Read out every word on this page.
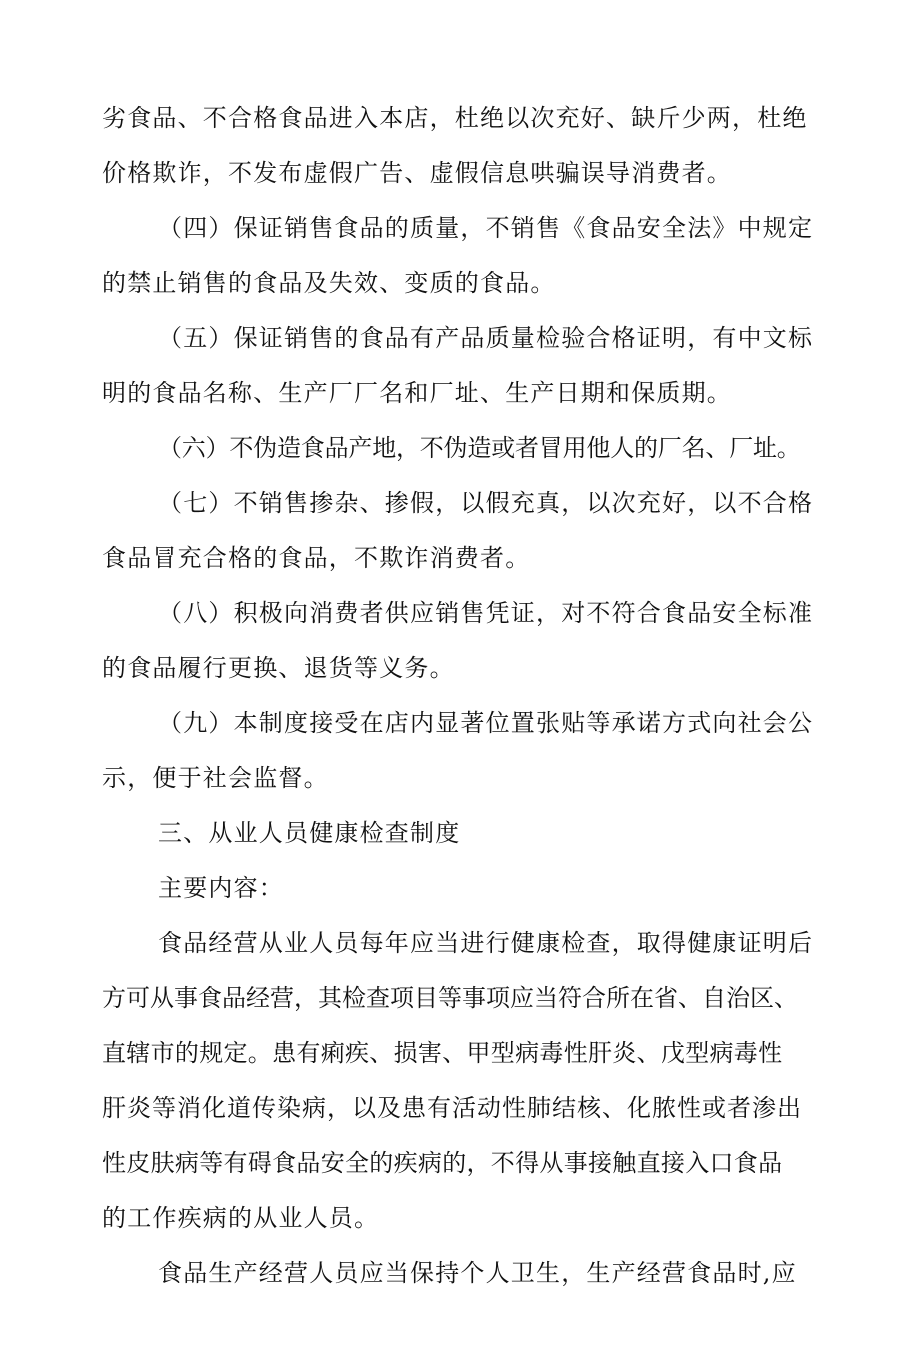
劣食品、不合格食品进入本店，杜绝以次充好、缺斤少两，杜绝
价格欺诈，不发布虚假广告、虚假信息哄骗误导消费者。
（四）保证销售食品的质量，不销售《食品安全法》中规定
的禁止销售的食品及失效、变质的食品。
（五）保证销售的食品有产品质量检验合格证明，有中文标
明的食品名称、生产厂厂名和厂址、生产日期和保质期。
（六）不伪造食品产地，不伪造或者冒用他人的厂名、厂址。
（七）不销售掺杂、掺假，以假充真，以次充好，以不合格
食品冒充合格的食品，不欺诈消费者。
（八）积极向消费者供应销售凭证，对不符合食品安全标准
的食品履行更换、退货等义务。
（九）本制度接受在店内显著位置张贴等承诺方式向社会公
示，便于社会监督。
三、从业人员健康检查制度
主要内容：
食品经营从业人员每年应当进行健康检查，取得健康证明后
方可从事食品经营，其检查项目等事项应当符合所在省、自治区、
直辖市的规定。患有痢疾、损害、甲型病毒性肝炎、戊型病毒性
肝炎等消化道传染病，以及患有活动性肺结核、化脓性或者渗出
性皮肤病等有碍食品安全的疾病的，不得从事接触直接入口食品
的工作疾病的从业人员。
食品生产经营人员应当保持个人卫生，生产经营食品时,应
